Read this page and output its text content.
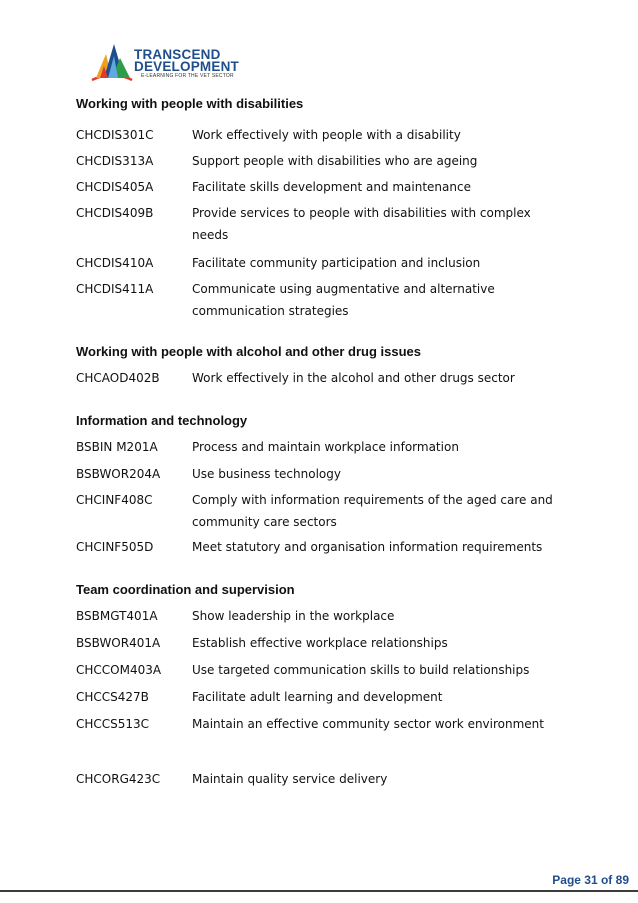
TRANSCEND
DEVELOPMENT
E-LEARNING FOR THE VET SECTOR

Working with people with disabilities

CHCDIS301C	Work effectively with people with a disability
CHCDIS313A	Support people with disabilities who are ageing
CHCDIS405A	Facilitate skills development and maintenance
CHCDIS409B	Provide services to people with disabilities with complex needs
CHCDIS410A	Facilitate community participation and inclusion
CHCDIS411A	Communicate using augmentative and alternative communication strategies

Working with people with alcohol and other drug issues

CHCAOD402B	Work effectively in the alcohol and other drugs sector

Information and technology

BSBIN M201A	Process and maintain workplace information
BSBWOR204A	Use business technology
CHCINF408C	Comply with information requirements of the aged care and community care sectors
CHCINF505D	Meet statutory and organisation information requirements

Team coordination and supervision

BSBMGT401A	Show leadership in the workplace
BSBWOR401A	Establish effective workplace relationships
CHCCOM403A	Use targeted communication skills to build relationships
CHCCS427B	Facilitate adult learning and development
CHCCS513C	Maintain an effective community sector work environment
CHCORG423C	Maintain quality service delivery
Page 31 of 89
